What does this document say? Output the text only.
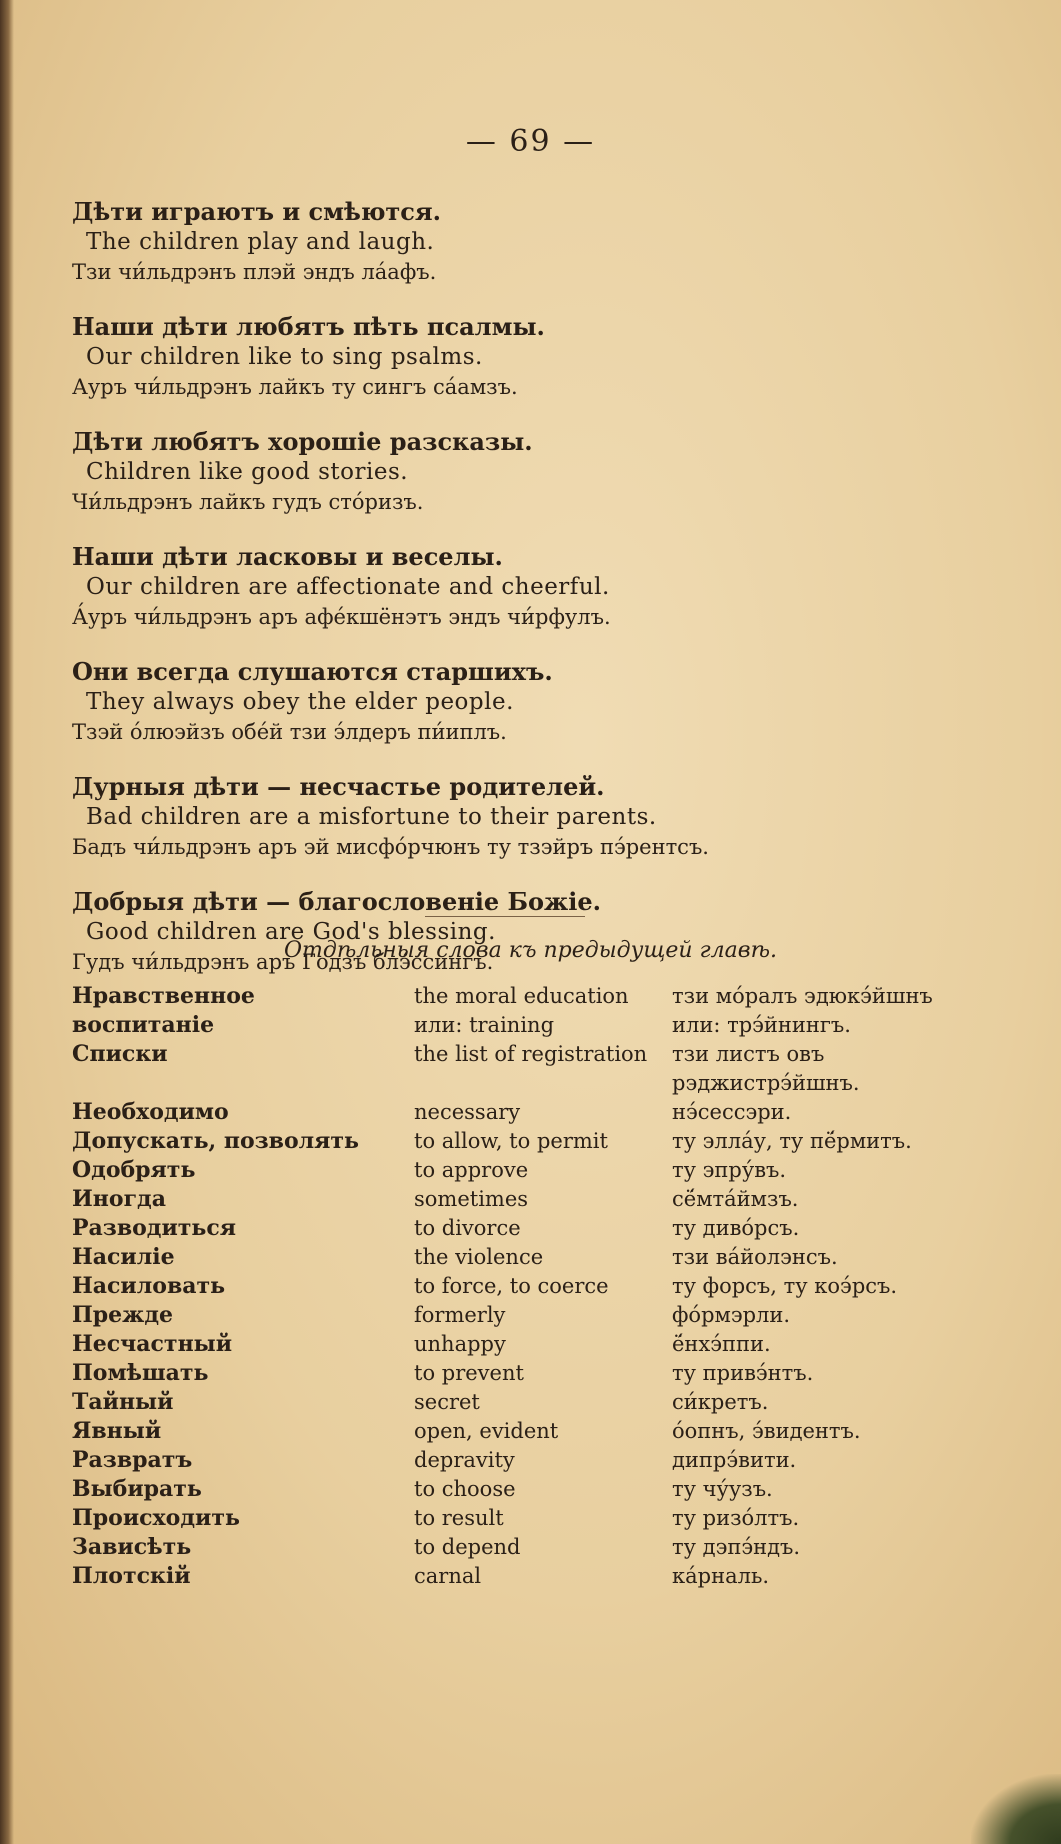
— 69 —
Дѣти играютъ и смѣются.
The children play and laugh.
Тзи чи́льдрэнъ плэй эндъ ла́афъ.
Наши дѣти любятъ пѣть псалмы.
Our children like to sing psalms.
Ауръ чи́льдрэнъ лайкъ ту сингъ са́амзъ.
Дѣти любятъ хорошіе разсказы.
Children like good stories.
Чи́льдрэнъ лайкъ гудъ сто́ризъ.
Наши дѣти ласковы и веселы.
Our children are affectionate and cheerful.
А́уръ чи́льдрэнъ аръ афе́кшёнэтъ эндъ чи́рфулъ.
Они всегда слушаются старшихъ.
They always obey the elder people.
Тзэй о́люэйзъ обе́й тзи э́лдеръ пи́иплъ.
Дурныя дѣти — несчастье родителей.
Bad children are a misfortune to their parents.
Бадъ чи́льдрэнъ аръ эй мисфо́рчюнъ ту тзэйръ пэ́рентсъ.
Добрыя дѣти — благословеніе Божіе.
Good children are God's blessing.
Гудъ чи́льдрэнъ аръ Годзъ блэ́ссингъ.
Отдѣльныя слова къ предыдущей главѣ.
Нравственное воспитаніе	the moral education или: training	тзи мо́ралъ эдюкэ́йшнъ или: трэ́йнингъ.
Списки	the list of registration	тзи листъ овъ рэджистрэ́йшнъ.
Необходимо	necessary	нэ́сессэри.
Допускать, позволять	to allow, to permit	ту элла́у, ту пё́рмитъ.
Одобрять	to approve	ту эпру́въ.
Иногда	sometimes	сё́мта́ймзъ.
Разводиться	to divorce	ту диво́рсъ.
Насиліе	the violence	тзи ва́йолэнсъ.
Насиловать	to force, to coerce	ту форсъ, ту коэ́рсъ.
Прежде	formerly	фо́рмэрли.
Несчастный	unhappy	ё́нхэ́ппи.
Помѣшать	to prevent	ту привэ́нтъ.
Тайный	secret	си́кретъ.
Явный	open, evident	о́опнъ, э́видентъ.
Развратъ	depravity	дипрэ́вити.
Выбирать	to choose	ту чу́узъ.
Происходить	to result	ту ризо́лтъ.
Зависѣть	to depend	ту дэпэ́ндъ.
Плотскій	carnal	ка́рналь.
